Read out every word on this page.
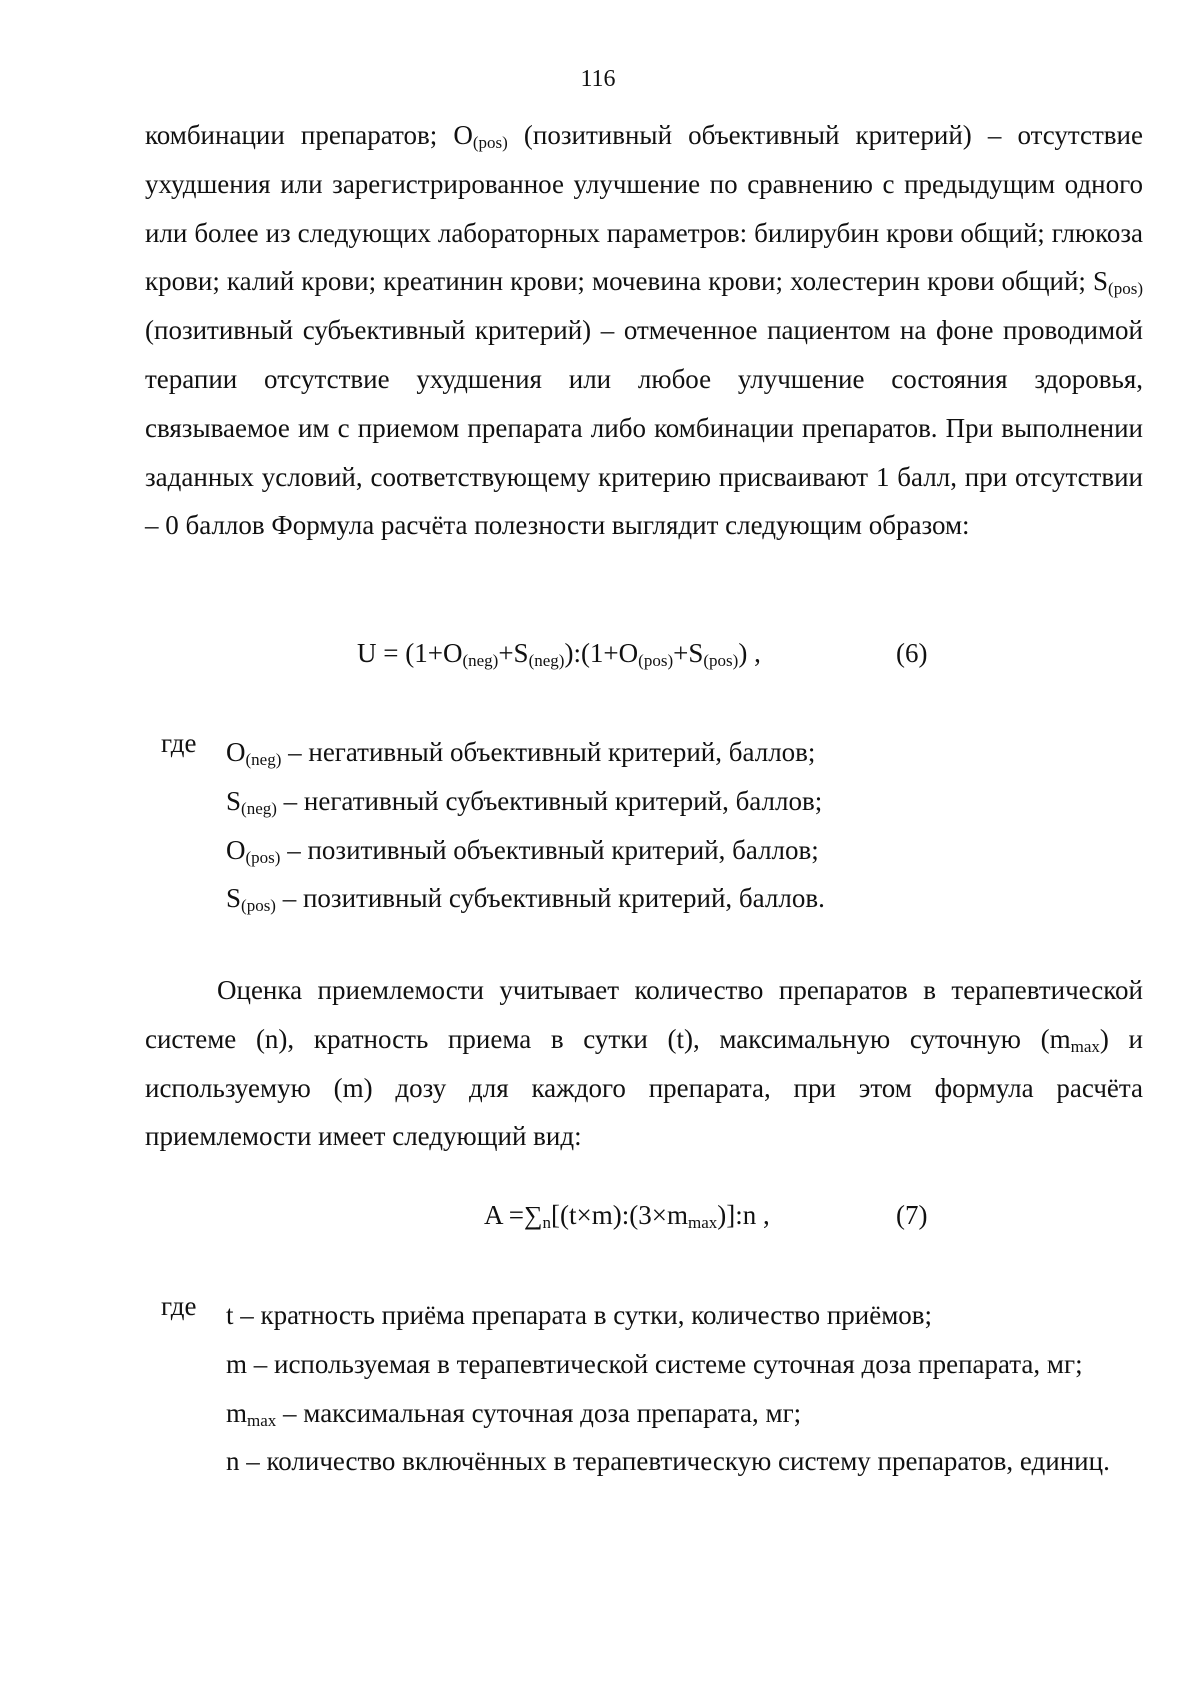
116

комбинации препаратов; $O_{(pos)}$ (позитивный объективный критерий) – отсутствие ухудшения или зарегистрированное улучшение по сравнению с предыдущим одного или более из следующих лабораторных параметров: билирубин крови общий; глюкоза крови; калий крови; креатинин крови; мочевина крови; холестерин крови общий; $S_{(pos)}$ (позитивный субъективный критерий) – отмеченное пациентом на фоне проводимой терапии отсутствие ухудшения или любое улучшение состояния здоровья, связываемое им с приемом препарата либо комбинации препаратов. При выполнении заданных условий, соответствующему критерию присваивают 1 балл, при отсутствии – 0 баллов Формула расчёта полезности выглядит следующим образом:

$U = (1+O_{(neg)}+S_{(neg)}):(1+O_{(pos)}+S_{(pos)})$ ,	(6)
где $O_{(neg)}$ – негативный объективный критерий, баллов;
$S_{(neg)}$ – негативный субъективный критерий, баллов;
$O_{(pos)}$ – позитивный объективный критерий, баллов;
$S_{(pos)}$ – позитивный субъективный критерий, баллов.

Оценка приемлемости учитывает количество препаратов в терапевтической системе (n), кратность приема в сутки (t), максимальную суточную $(m_{max})$ и используемую (m) дозу для каждого препарата, при этом формула расчёта приемлемости имеет следующий вид:

$A =\sum_n[(t\times m):(3\times m_{max})]:n$ ,	(7)
где t – кратность приёма препарата в сутки, количество приёмов;
m – используемая в терапевтической системе суточная доза препарата, мг;
$m_{max}$ – максимальная суточная доза препарата, мг;
n – количество включённых в терапевтическую систему препаратов, единиц.
